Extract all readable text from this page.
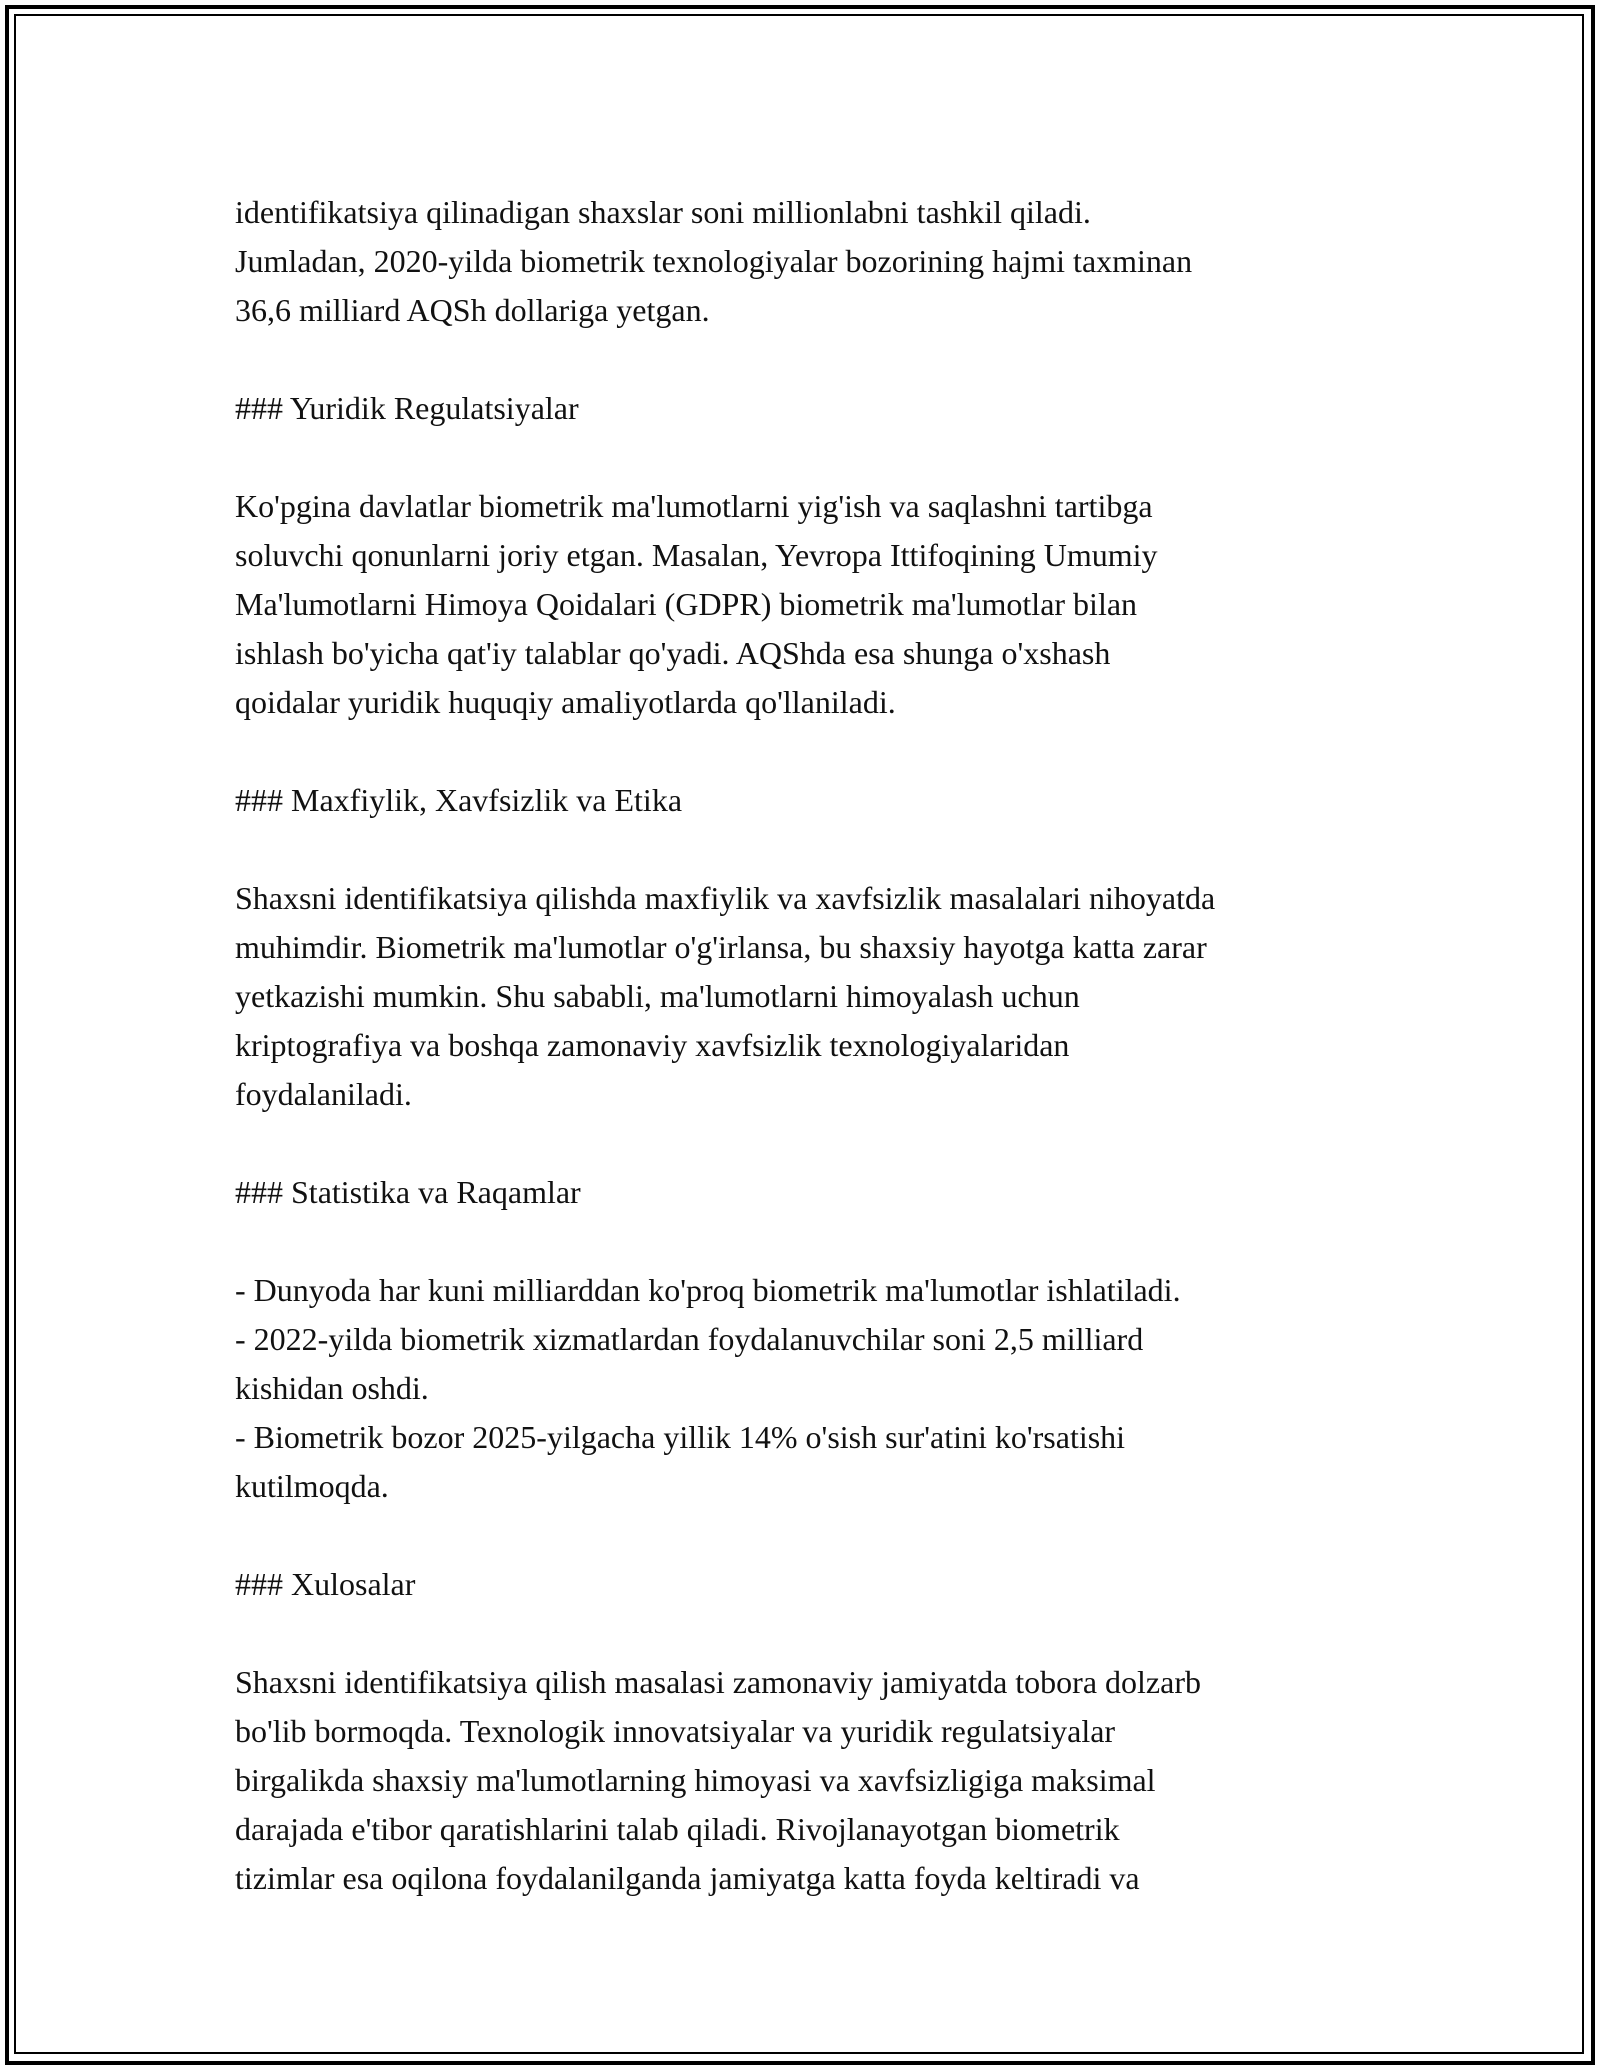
identifikatsiya qilinadigan shaxslar soni millionlabni tashkil qiladi.
Jumladan, 2020-yilda biometrik texnologiyalar bozorining hajmi taxminan
36,6 milliard AQSh dollariga yetgan.

### Yuridik Regulatsiyalar

Ko'pgina davlatlar biometrik ma'lumotlarni yig'ish va saqlashni tartibga
soluvchi qonunlarni joriy etgan. Masalan, Yevropa Ittifoqining Umumiy
Ma'lumotlarni Himoya Qoidalari (GDPR) biometrik ma'lumotlar bilan
ishlash bo'yicha qat'iy talablar qo'yadi. AQShda esa shunga o'xshash
qoidalar yuridik huquqiy amaliyotlarda qo'llaniladi.

### Maxfiylik, Xavfsizlik va Etika

Shaxsni identifikatsiya qilishda maxfiylik va xavfsizlik masalalari nihoyatda
muhimdir. Biometrik ma'lumotlar o'g'irlansa, bu shaxsiy hayotga katta zarar
yetkazishi mumkin. Shu sababli, ma'lumotlarni himoyalash uchun
kriptografiya va boshqa zamonaviy xavfsizlik texnologiyalaridan
foydalaniladi.

### Statistika va Raqamlar

- Dunyoda har kuni milliarddan ko'proq biometrik ma'lumotlar ishlatiladi.
- 2022-yilda biometrik xizmatlardan foydalanuvchilar soni 2,5 milliard
kishidan oshdi.
- Biometrik bozor 2025-yilgacha yillik 14% o'sish sur'atini ko'rsatishi
kutilmoqda.

### Xulosalar

Shaxsni identifikatsiya qilish masalasi zamonaviy jamiyatda tobora dolzarb
bo'lib bormoqda. Texnologik innovatsiyalar va yuridik regulatsiyalar
birgalikda shaxsiy ma'lumotlarning himoyasi va xavfsizligiga maksimal
darajada e'tibor qaratishlarini talab qiladi. Rivojlanayotgan biometrik
tizimlar esa oqilona foydalanilganda jamiyatga katta foyda keltiradi va
